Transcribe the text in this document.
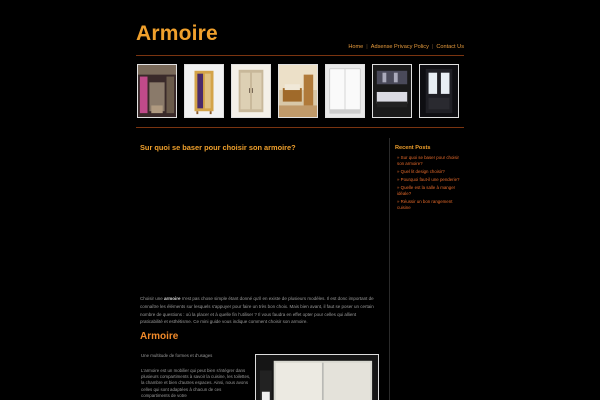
Armoire
Home | Adsense Privacy Policy | Contact Us
Sur quoi se baser pour choisir son armoire?
Choisir une armoire n'est pas chose simple étant donné qu'il en existe de plusieurs modèles. Il est donc important de connaître les éléments sur lesquels s'appuyer pour faire un très bon choix. Mais bien avant, il faut se poser un certain nombre de questions : où la placer et à quelle fin l'utiliser ? Il vous faudra en effet opter pour celles qui allient praticabilité et esthétisme. Ce mini guide vous indique comment choisir son armoire.
Armoire
Une multitude de formes et d'usages
L'armoire est un mobilier qui peut bien s'intégrer dans plusieurs compartiments à savoir la cuisine, les toilettes, la chambre et bien d'autres espaces. Ainsi, nous avons celles qui sont adaptées à chacun de ces compartiments de votre
Recent Posts
» Sur quoi se baser pour choisir son armoire?
» Quel lit design choisir?
» Pourquoi faut-il une penderie?
» Quelle est la salle à manger idéale?
» Réussir un bon rangement cuisine
